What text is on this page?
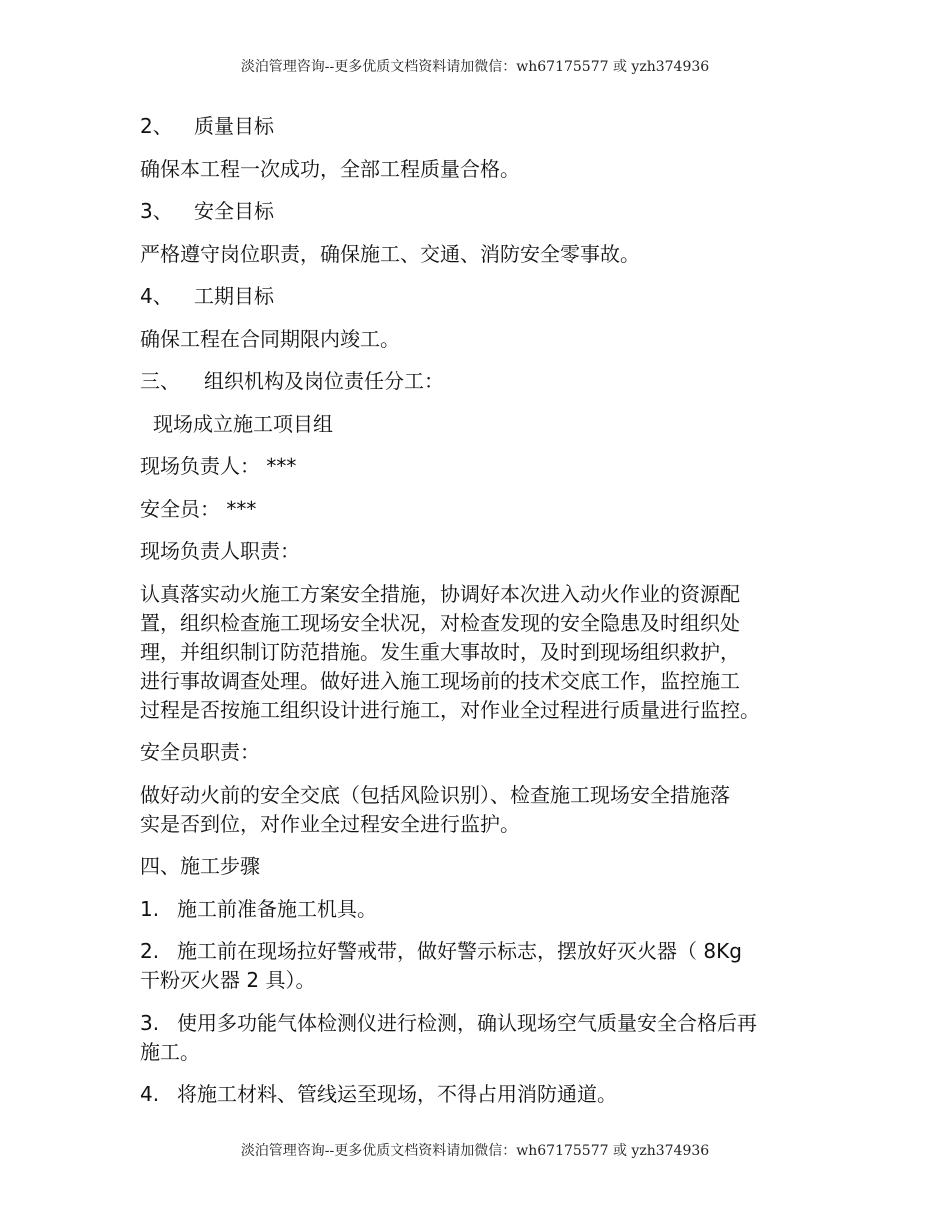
淡泊管理咨询--更多优质文档资料请加微信：wh67175577 或 yzh374936
2、 质量目标
确保本工程一次成功，全部工程质量合格。
3、 安全目标
严格遵守岗位职责，确保施工、交通、消防安全零事故。
4、 工期目标
确保工程在合同期限内竣工。
三、 组织机构及岗位责任分工：
现场成立施工项目组
现场负责人： ***
安全员： ***
现场负责人职责：
认真落实动火施工方案安全措施，协调好本次进入动火作业的资源配
置，组织检查施工现场安全状况，对检查发现的安全隐患及时组织处
理，并组织制订防范措施。发生重大事故时，及时到现场组织救护，
进行事故调查处理。做好进入施工现场前的技术交底工作，监控施工
过程是否按施工组织设计进行施工，对作业全过程进行质量进行监控。
安全员职责：
做好动火前的安全交底（包括风险识别）、检查施工现场安全措施落
实是否到位，对作业全过程安全进行监护。
四、施工步骤
1. 施工前准备施工机具。
2. 施工前在现场拉好警戒带，做好警示标志，摆放好灭火器（ 8Kg
干粉灭火器 2 具）。
3. 使用多功能气体检测仪进行检测，确认现场空气质量安全合格后再
施工。
4. 将施工材料、管线运至现场，不得占用消防通道。
淡泊管理咨询--更多优质文档资料请加微信：wh67175577 或 yzh374936
